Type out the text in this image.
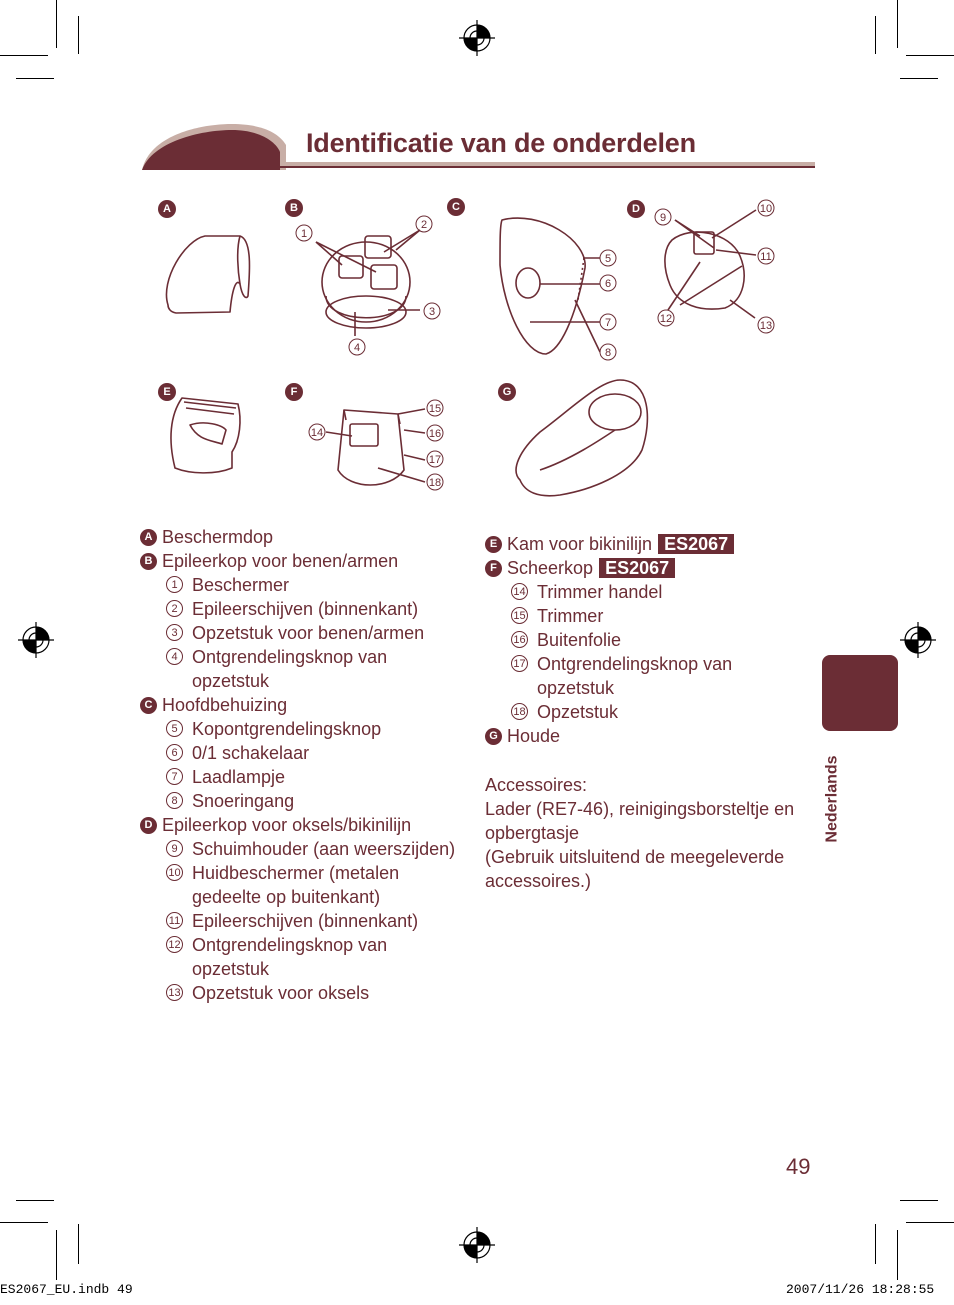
Identificatie van de onderdelen
A	B	C	D
E	F	G
1
2
3
4
5
6
7
8
9
10
11
12
13
14
15
16
17
18
A Beschermdop
B Epileerkop voor benen/armen
1 Beschermer
2 Epileerschijven (binnenkant)
3 Opzetstuk voor benen/armen
4 Ontgrendelingsknop van
opzetstuk
C Hoofdbehuizing
5 Kopontgrendelingsknop
6 0/1 schakelaar
7 Laadlampje
8 Snoeringang
D Epileerkop voor oksels/bikinilijn
9 Schuimhouder (aan weerszijden)
10 Huidbeschermer (metalen
gedeelte op buitenkant)
11 Epileerschijven (binnenkant)
12 Ontgrendelingsknop van
opzetstuk
13 Opzetstuk voor oksels
E Kam voor bikinilijn ES2067
F Scheerkop ES2067
14 Trimmer handel
15 Trimmer
16 Buitenfolie
17 Ontgrendelingsknop van
opzetstuk
18 Opzetstuk
G Houde
Accessoires:
Lader (RE7-46), reinigingsborsteltje en
opbergtasje
(Gebruik uitsluitend de meegeleverde
accessoires.)
Nederlands
49
ES2067_EU.indb 49	2007/11/26 18:28:55
